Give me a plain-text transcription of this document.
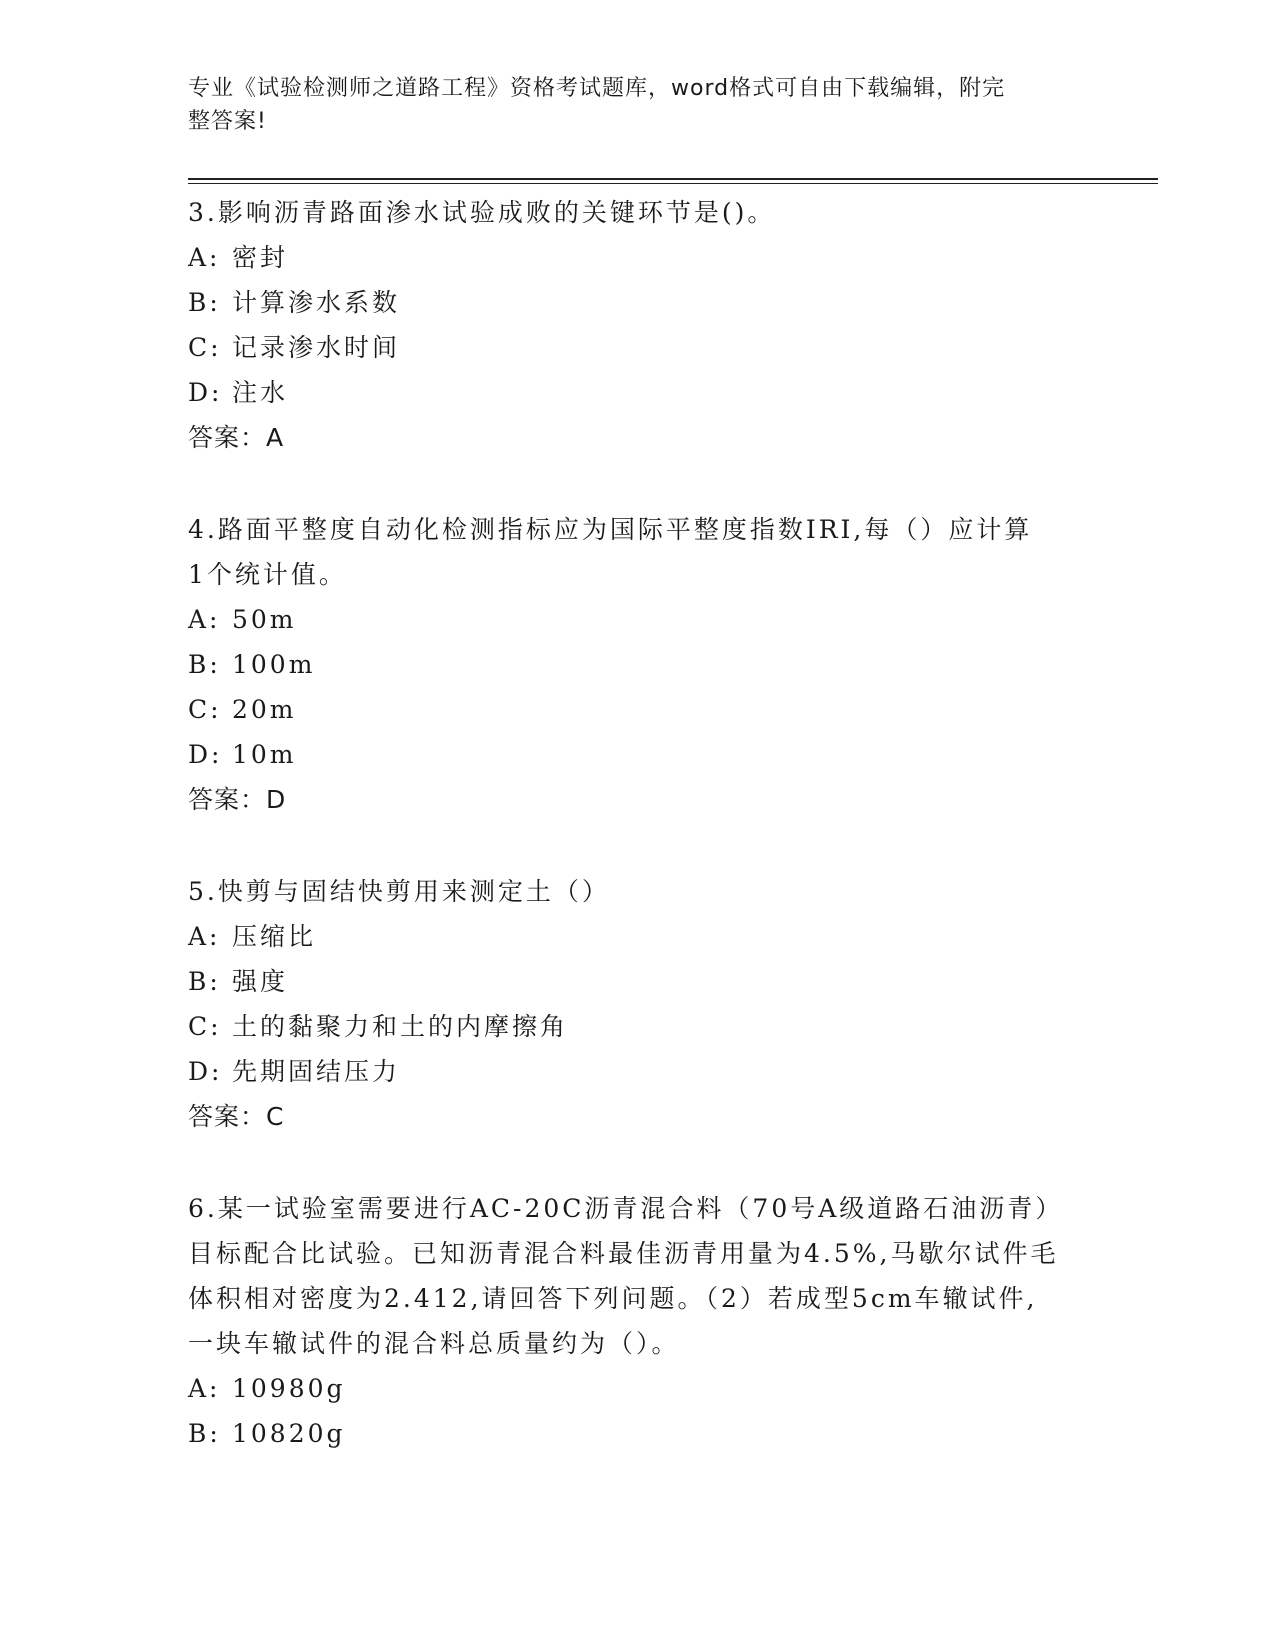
专业《试验检测师之道路工程》资格考试题库，word格式可自由下载编辑，附完
整答案!
3.影响沥青路面渗水试验成败的关键环节是()。
A: 密封
B: 计算渗水系数
C: 记录渗水时间
D: 注水
答案：A
4.路面平整度自动化检测指标应为国际平整度指数IRI,每（）应计算
1个统计值。
A: 50m
B: 100m
C: 20m
D: 10m
答案：D
5.快剪与固结快剪用来测定土（）
A: 压缩比
B: 强度
C: 土的黏聚力和土的内摩擦角
D: 先期固结压力
答案：C
6.某一试验室需要进行AC-20C沥青混合料（70号A级道路石油沥青）
目标配合比试验。已知沥青混合料最佳沥青用量为4.5%,马歇尔试件毛
体积相对密度为2.412,请回答下列问题。（2）若成型5cm车辙试件,
一块车辙试件的混合料总质量约为（）。
A: 10980g
B: 10820g
